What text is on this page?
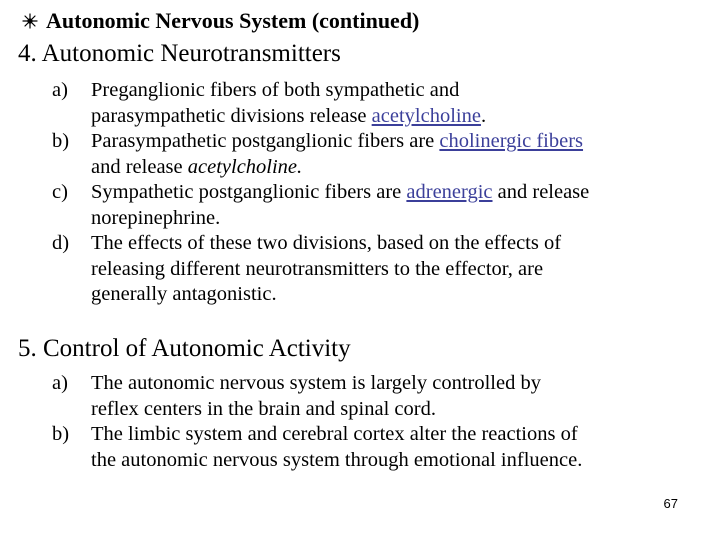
Autonomic Nervous System (continued)
4. Autonomic Neurotransmitters
a) Preganglionic fibers of both sympathetic and
parasympathetic divisions release acetylcholine.
b) Parasympathetic postganglionic fibers are cholinergic fibers
and release acetylcholine.
c) Sympathetic postganglionic fibers are adrenergic and release
norepinephrine.
d) The effects of these two divisions, based on the effects of
releasing different neurotransmitters to the effector, are
generally antagonistic.
5. Control of Autonomic Activity
a) The autonomic nervous system is largely controlled by
reflex centers in the brain and spinal cord.
b) The limbic system and cerebral cortex alter the reactions of
the autonomic nervous system through emotional influence.
67
